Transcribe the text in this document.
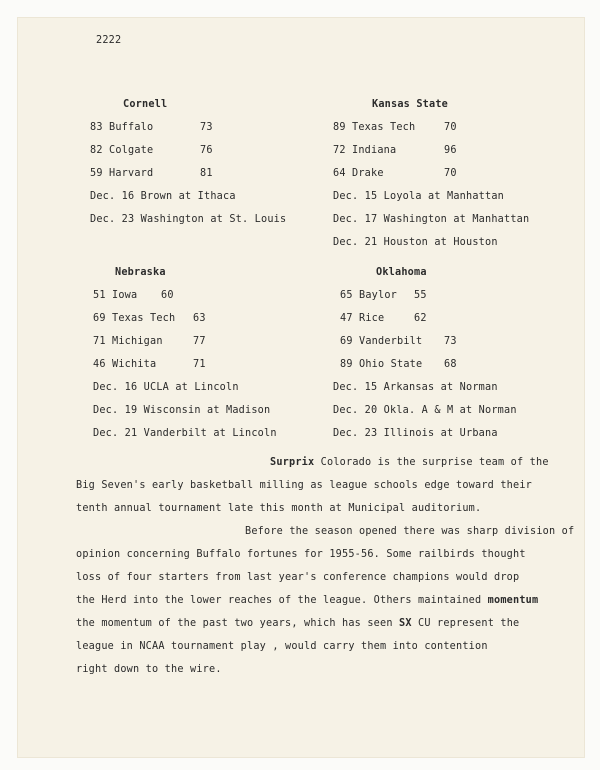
2222
Cornell
83 Buffalo	73
82 Colgate	76
59 Harvard	81
Dec. 16 Brown at Ithaca
Dec. 23 Washington at St. Louis
Kansas State
89 Texas Tech	70
72 Indiana	96
64 Drake	70
Dec. 15 Loyola at Manhattan
Dec. 17 Washington at Manhattan
Dec. 21 Houston at Houston
Nebraska
51 Iowa 60
69 Texas Tech 63
71 Michigan	77
46 Wichita	71
Dec. 16 UCLA at Lincoln
Dec. 19 Wisconsin at Madison
Dec. 21 Vanderbilt at Lincoln
Oklahoma
65 Baylor 55
47 Rice	62
69 Vanderbilt 73
89 Ohio State 68
Dec. 15 Arkansas at Norman
Dec. 20 Okla. A & M at Norman
Dec. 23 Illinois at Urbana
Surprix Colorado is the surprise team of the
Big Seven's early basketball milling as league schools edge toward their
tenth annual tournament late this month at Municipal auditorium.
Before the season opened there was sharp division of
opinion concerning Buffalo fortunes for 1955-56. Some railbirds thought
loss of four starters from last year's conference champions would drop
the Herd into the lower reaches of the league. Others maintained momentum
the momentum of the past two years, which has seen SX CU represent the
league in NCAA tournament play , would carry them into contention
right down to the wire.
